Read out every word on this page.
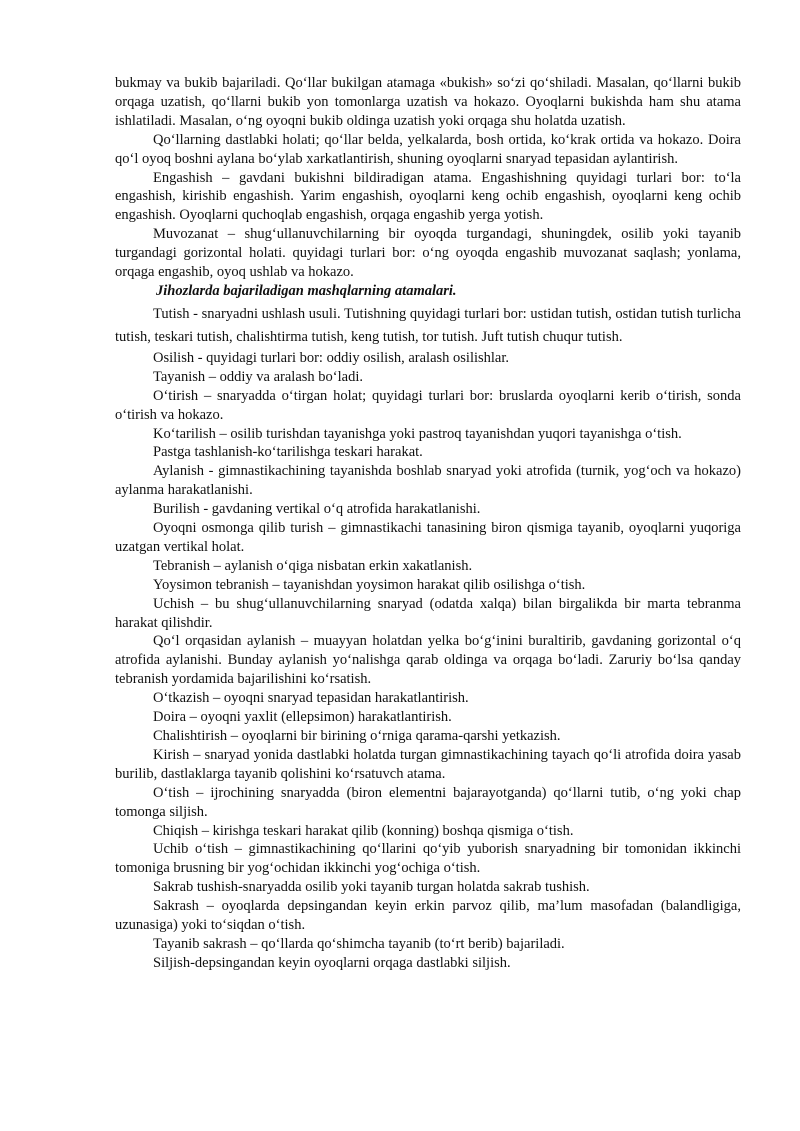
bukmay va bukib bajariladi. Qo‘llar bukilgan atamaga «bukish» so‘zi qo‘shiladi. Masalan, qo‘llarni bukib orqaga uzatish, qo‘llarni bukib yon tomonlarga uzatish va hokazo. Oyoqlarni bukishda ham shu atama ishlatiladi. Masalan, o‘ng oyoqni bukib oldinga uzatish yoki orqaga shu holatda uzatish.

Qo‘llarning dastlabki holati; qo‘llar belda, yelkalarda, bosh ortida, ko‘krak ortida va hokazo. Doira qo‘l oyoq boshni aylana bo‘ylab xarkatlantirish, shuning oyoqlarni snaryad tepasidan aylantirish.

Engashish – gavdani bukishni bildiradigan atama. Engashishning quyidagi turlari bor: to‘la engashish, kirishib engashish. Yarim engashish, oyoqlarni keng ochib engashish, oyoqlarni keng ochib engashish. Oyoqlarni quchoqlab engashish, orqaga engashib yerga yotish.

Muvozanat – shug‘ullanuvchilarning bir oyoqda turgandagi, shuningdek, osilib yoki tayanib turgandagi gorizontal holati. quyidagi turlari bor: o‘ng oyoqda engashib muvozanat saqlash; yonlama, orqaga engashib, oyoq ushlab va hokazo.

Jihozlarda bajariladigan mashqlarning atamalari.

Tutish - snaryadni ushlash usuli. Tutishning quyidagi turlari bor: ustidan tutish, ostidan tutish turlicha tutish, teskari tutish, chalishtirma tutish, keng tutish, tor tutish. Juft tutish chuqur tutish.

Osilish - quyidagi turlari bor: oddiy osilish, aralash osilishlar.

Tayanish – oddiy va aralash bo‘ladi.

O‘tirish – snaryadda o‘tirgan holat; quyidagi turlari bor: bruslarda oyoqlarni kerib o‘tirish, sonda o‘tirish va hokazo.

Ko‘tarilish – osilib turishdan tayanishga yoki pastroq tayanishdan yuqori tayanishga o‘tish.

Pastga tashlanish-ko‘tarilishga teskari harakat.

Aylanish - gimnastikachining tayanishda boshlab snaryad yoki atrofida (turnik, yog‘och va hokazo) aylanma harakatlanishi.

Burilish - gavdaning vertikal o‘q atrofida harakatlanishi.

Oyoqni osmonga qilib turish – gimnastikachi tanasining biron qismiga tayanib, oyoqlarni yuqoriga uzatgan vertikal holat.

Tebranish – aylanish o‘qiga nisbatan erkin xakatlanish.

Yoysimon tebranish – tayanishdan yoysimon harakat qilib osilishga o‘tish.

Uchish – bu shug‘ullanuvchilarning snaryad (odatda xalqa) bilan birgalikda bir marta tebranma harakat qilishdir.

Qo‘l orqasidan aylanish – muayyan holatdan yelka bo‘g‘inini buraltirib, gavdaning gorizontal o‘q atrofida aylanishi. Bunday aylanish yo‘nalishga qarab oldinga va orqaga bo‘ladi. Zaruriy bo‘lsa qanday tebranish yordamida bajarilishini ko‘rsatish.

O‘tkazish – oyoqni snaryad tepasidan harakatlantirish.

Doira – oyoqni yaxlit (ellepsimon) harakatlantirish.

Chalishtirish – oyoqlarni bir birining o‘rniga qarama-qarshi yetkazish.

Kirish – snaryad yonida dastlabki holatda turgan gimnastikachining tayach qo‘li atrofida doira yasab burilib, dastlaklarga tayanib qolishini ko‘rsatuvch atama.

O‘tish – ijrochining snaryadda (biron elementni bajarayotganda) qo‘llarni tutib, o‘ng yoki chap tomonga siljish.

Chiqish – kirishga teskari harakat qilib (konning) boshqa qismiga o‘tish.

Uchib o‘tish – gimnastikachining qo‘llarini qo‘yib yuborish snaryadning bir tomonidan ikkinchi tomoniga brusning bir yog‘ochidan ikkinchi yog‘ochiga o‘tish.

Sakrab tushish-snaryadda osilib yoki tayanib turgan holatda sakrab tushish.

Sakrash – oyoqlarda depsingandan keyin erkin parvoz qilib, ma’lum masofadan (balandligiga, uzunasiga) yoki to‘siqdan o‘tish.

Tayanib sakrash – qo‘llarda qo‘shimcha tayanib (to‘rt berib) bajariladi.

Siljish-depsingandan keyin oyoqlarni orqaga dastlabki siljish.
